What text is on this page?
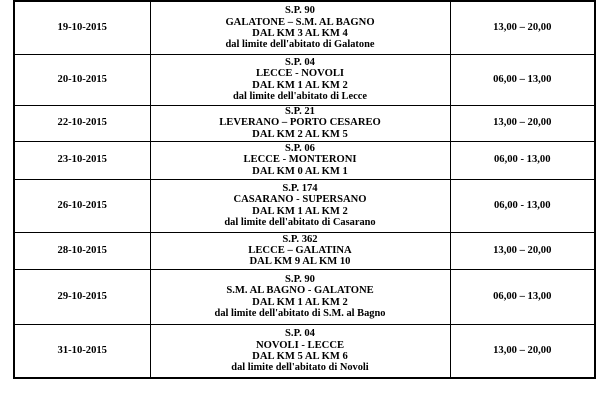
19-10-2015	S.P. 90
GALATONE – S.M. AL BAGNO
DAL KM 3 AL KM 4
dal limite dell'abitato di Galatone	13,00 – 20,00
20-10-2015	S.P. 04
LECCE - NOVOLI
DAL KM 1 AL KM 2
dal limite dell'abitato di Lecce	06,00 – 13,00
22-10-2015	S.P. 21
LEVERANO – PORTO CESAREO
DAL KM 2 AL KM 5	13,00 – 20,00
23-10-2015	S.P. 06
LECCE - MONTERONI
DAL KM 0 AL KM 1	06,00 - 13,00
26-10-2015	S.P. 174
CASARANO - SUPERSANO
DAL KM 1 AL KM 2
dal limite dell'abitato di Casarano	06,00 - 13,00
28-10-2015	S.P. 362
LECCE – GALATINA
DAL KM 9 AL KM 10	13,00 – 20,00
29-10-2015	S.P. 90
S.M. AL BAGNO - GALATONE
DAL KM 1 AL KM 2
dal limite dell'abitato di S.M. al Bagno	06,00 – 13,00
31-10-2015	S.P. 04
NOVOLI - LECCE
DAL KM 5 AL KM 6
dal limite dell'abitato di Novoli	13,00 – 20,00
